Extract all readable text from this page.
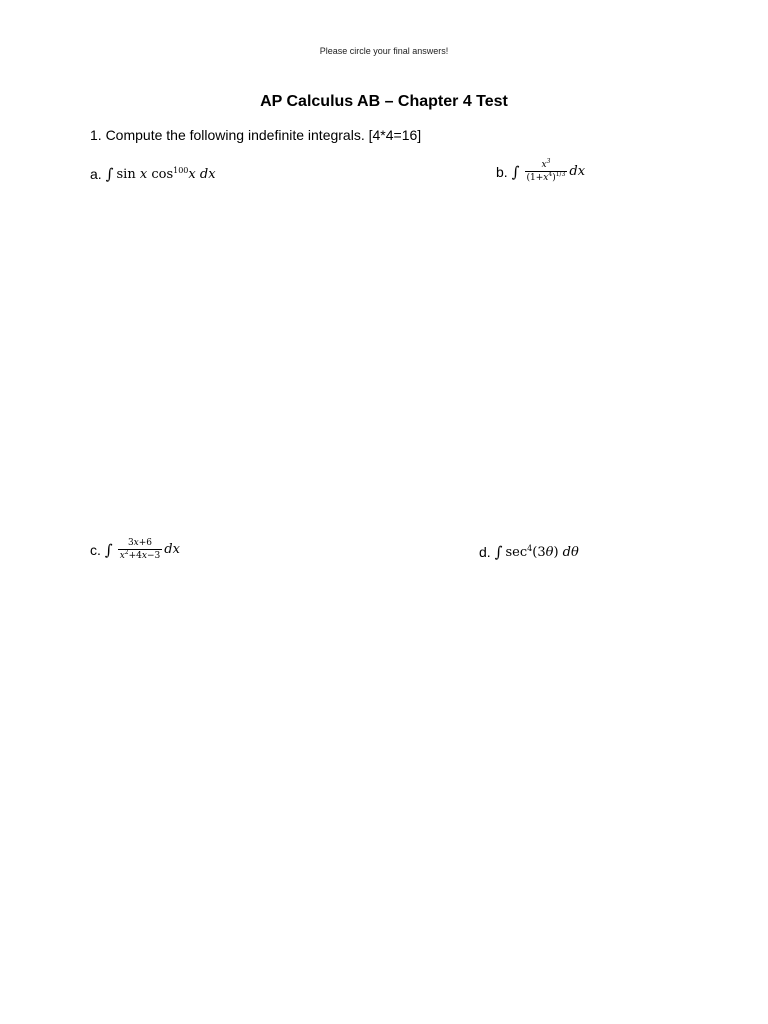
Please circle your final answers!
AP Calculus AB – Chapter 4 Test
1. Compute the following indefinite integrals. [4*4=16]
a. ∫ sin x $\cos^{100}x$ dx	b. ∫ $\frac{x^3}{(1+x^4)^{1/3}}$ dx
c. ∫ $\frac{3x+6}{x^2+4x-3}$ dx	d. ∫ $\sec^4(3\theta)$ dθ
